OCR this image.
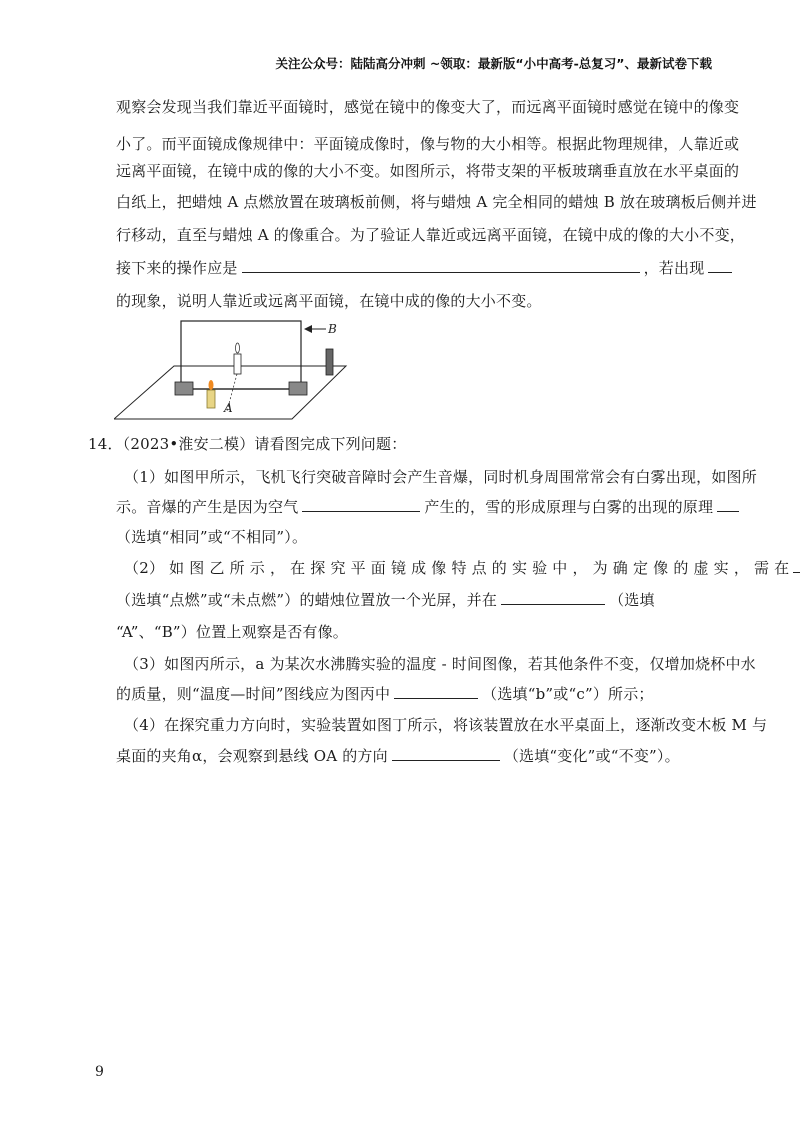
关注公众号：陆陆高分冲刺 ~领取：最新版“小中高考-总复习”、最新试卷下载
观察会发现当我们靠近平面镜时，感觉在镜中的像变大了，而远离平面镜时感觉在镜中的像变
小了。而平面镜成像规律中：平面镜成像时，像与物的大小相等。根据此物理规律，人靠近或
远离平面镜，在镜中成的像的大小不变。如图所示，将带支架的平板玻璃垂直放在水平桌面的
白纸上，把蜡烛 A 点燃放置在玻璃板前侧，将与蜡烛 A 完全相同的蜡烛 B 放在玻璃板后侧并进
行移动，直至与蜡烛 A 的像重合。为了验证人靠近或远离平面镜，在镜中成的像的大小不变，
接下来的操作应是	，若出现
的现象，说明人靠近或远离平面镜，在镜中成的像的大小不变。
B
A
14．（2023•淮安二模）请看图完成下列问题：
（1）如图甲所示，飞机飞行突破音障时会产生音爆，同时机身周围常常会有白雾出现，如图所
示。音爆的产生是因为空气	产生的，雪的形成原理与白雾的出现的原理
（选填“相同”或“不相同”）。
（2） 如 图 乙 所 示 ， 在 探 究 平 面 镜 成 像 特 点 的 实 验 中 ， 为 确 定 像 的 虚 实 ， 需 在
（选填“点燃”或“未点燃”）的蜡烛位置放一个光屏，并在	（选填
“A”、“B”）位置上观察是否有像。
（3）如图丙所示，a 为某次水沸腾实验的温度 - 时间图像，若其他条件不变，仅增加烧杯中水
的质量，则“温度—时间”图线应为图丙中	（选填“b”或“c”）所示；
（4）在探究重力方向时，实验装置如图丁所示，将该装置放在水平桌面上，逐渐改变木板 M 与
桌面的夹角α，会观察到悬线 OA 的方向	（选填“变化”或“不变”）。
9
